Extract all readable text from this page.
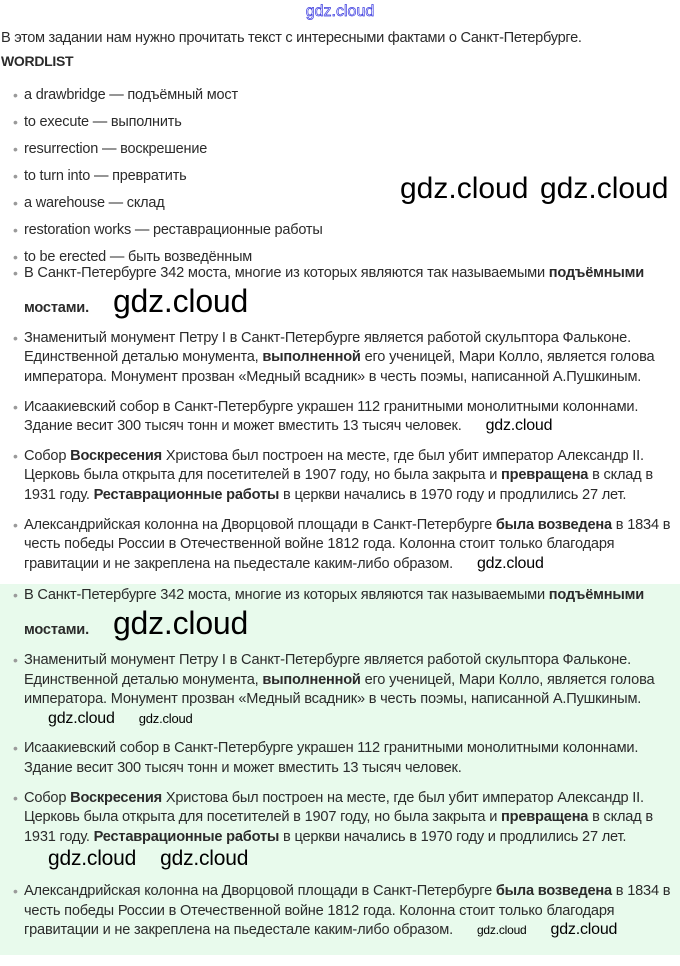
gdz.cloud
В этом задании нам нужно прочитать текст с интересными фактами о Санкт-Петербурге.
WORDLIST
• a drawbridge — подъёмный мост
• to execute — выполнить
• resurrection — воскрешение
• to turn into — превратить
• a warehouse — склад
• restoration works — реставрационные работы
• to be erected — быть возведённым
gdz.cloud gdz.cloud
• В Санкт-Петербурге 342 моста, многие из которых являются так называемыми подъёмными мостами. gdz.cloud
• Знаменитый монумент Петру I в Санкт-Петербурге является работой скульптора Фальконе. Единственной деталью монумента, выполненной его ученицей, Мари Колло, является голова императора. Монумент прозван «Медный всадник» в честь поэмы, написанной А.Пушкиным.
• Исаакиевский собор в Санкт-Петербурге украшен 112 гранитными монолитными колоннами. Здание весит 300 тысяч тонн и может вместить 13 тысяч человек. gdz.cloud
• Собор Воскресения Христова был построен на месте, где был убит император Александр II. Церковь была открыта для посетителей в 1907 году, но была закрыта и превращена в склад в 1931 году. Реставрационные работы в церкви начались в 1970 году и продлились 27 лет.
• Александрийская колонна на Дворцовой площади в Санкт-Петербурге была возведена в 1834 в честь победы России в Отечественной войне 1812 года. Колонна стоит только благодаря гравитации и не закреплена на пьедестале каким-либо образом. gdz.cloud
• В Санкт-Петербурге 342 моста, многие из которых являются так называемыми подъёмными мостами. gdz.cloud
• Знаменитый монумент Петру I в Санкт-Петербурге является работой скульптора Фальконе. Единственной деталью монумента, выполненной его ученицей, Мари Колло, является голова императора. Монумент прозван «Медный всадник» в честь поэмы, написанной А.Пушкиным.gdz.cloud gdz.cloud
• Исаакиевский собор в Санкт-Петербурге украшен 112 гранитными монолитными колоннами. Здание весит 300 тысяч тонн и может вместить 13 тысяч человек.
• Собор Воскресения Христова был построен на месте, где был убит император Александр II. Церковь была открыта для посетителей в 1907 году, но была закрыта и превращена в склад в 1931 году. Реставрационные работы в церкви начались в 1970 году и продлились 27 лет.gdz.cloud gdz.cloud
• Александрийская колонна на Дворцовой площади в Санкт-Петербурге была возведена в 1834 в честь победы России в Отечественной войне 1812 года. Колонна стоит только благодаря гравитации и не закреплена на пьедестале каким-либо образом. gdz.cloud gdz.cloud
